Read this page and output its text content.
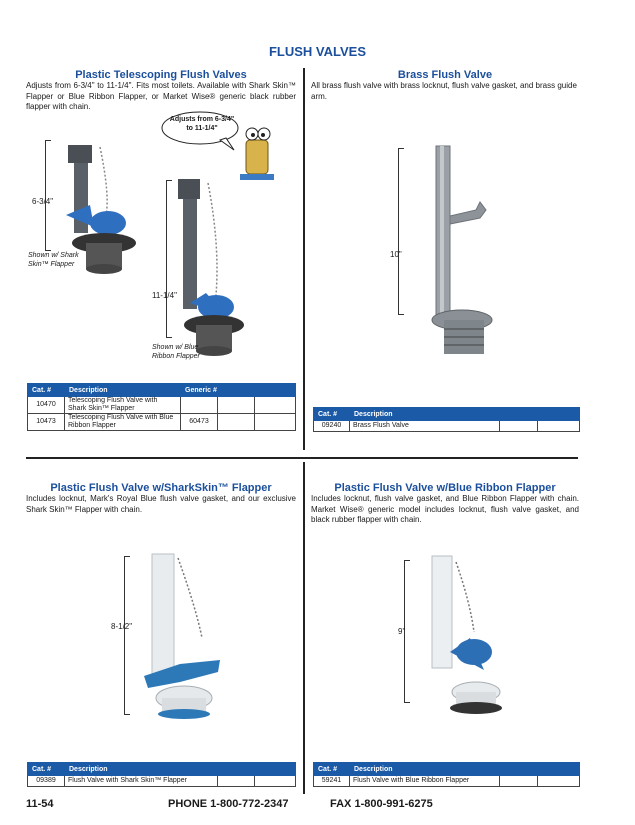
FLUSH VALVES
Plastic Telescoping Flush Valves
Adjusts from 6-3/4" to 11-1/4". Fits most toilets. Available with Shark Skin™ Flapper or Blue Ribbon Flapper, or Market Wise® generic black rubber flapper with chain.
Adjusts from 6-3/4" to 11-1/4"
6-3/4"
11-1/4"
Shown w/ Shark Skin™ Flapper
Shown w/ Blue Ribbon Flapper
Cat. #	Description	Generic #		
10470	Telescoping Flush Valve with Shark Skin™ Flapper			
10473	Telescoping Flush Valve with Blue Ribbon Flapper	60473		
Brass Flush Valve
All brass flush valve with brass locknut, flush valve gasket, and brass guide arm.
10"
Cat. #	Description		
09240	Brass Flush Valve		
Plastic Flush Valve w/SharkSkin™ Flapper
Includes locknut, Mark's Royal Blue flush valve gasket, and our exclusive Shark Skin™ Flapper with chain.
8-1/2"
Cat. #	Description		
09389	Flush Valve with Shark Skin™ Flapper		
Plastic Flush Valve w/Blue Ribbon Flapper
Includes locknut, flush valve gasket, and Blue Ribbon Flapper with chain. Market Wise® generic model includes locknut, flush valve gasket, and black rubber flapper with chain.
9"
Cat. #	Description		
59241	Flush Valve with Blue Ribbon Flapper		
11-54	PHONE 1-800-772-2347	FAX 1-800-991-6275
